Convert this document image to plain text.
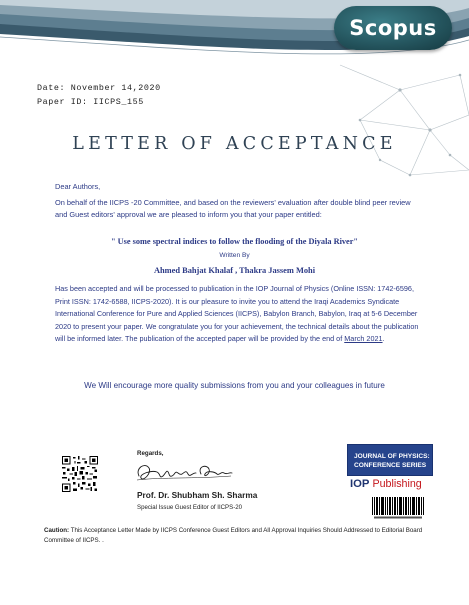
Scopus
Date: November 14,2020
Paper ID: IICPS_155
LETTER OF ACCEPTANCE
Dear Authors,
On behalf of the IICPS -20 Committee, and based on the reviewers' evaluation after double blind peer review and Guest editors' approval we are pleased to inform you that your paper entitled:
" Use some spectral indices to follow the flooding of the Diyala River"
Written By
Ahmed Bahjat Khalaf , Thakra Jassem Mohi
Has been accepted and will be processed to publication in the IOP Journal of Physics (Online ISSN: 1742-6596, Print ISSN: 1742-6588, IICPS-2020). It is our pleasure to invite you to attend the Iraqi Academics Syndicate International Conference for Pure and Applied Sciences (IICPS), Babylon Branch, Babylon, Iraq at 5-6 December 2020 to present your paper. We congratulate you for your achievement, the technical details about the publication will be informed later. The publication of the accepted paper will be provided by the end of March 2021.
We Will encourage more quality submissions from you and your colleagues in future
Regards,
Prof. Dr. Shubham Sh. Sharma
Special Issue Guest Editor of IICPS-20
JOURNAL OF PHYSICS:
CONFERENCE SERIES
IOP Publishing
Caution: This Acceptance Letter Made by IICPS Conference Guest Editors and All Approval Inquiries Should Addressed to Editorial Board Committee of IICPS. .
